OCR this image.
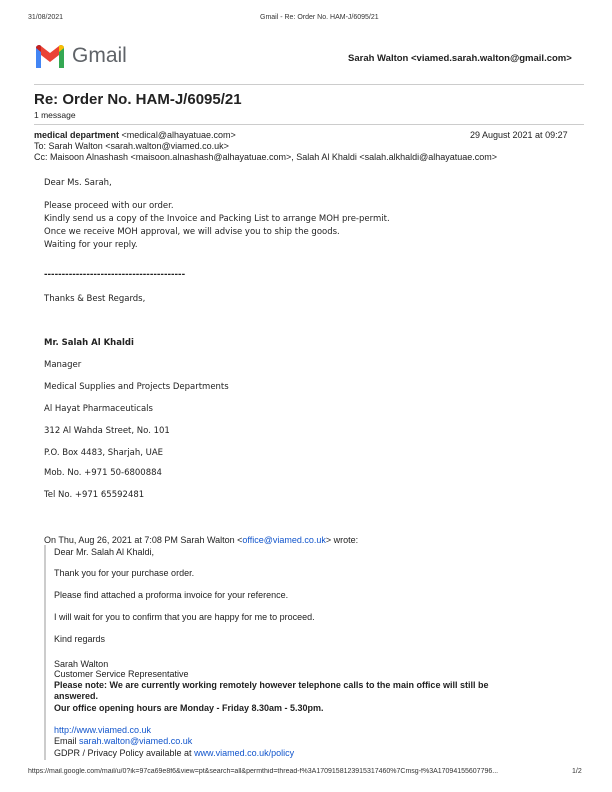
31/08/2021	Gmail - Re: Order No. HAM-J/6095/21
Gmail	Sarah Walton <viamed.sarah.walton@gmail.com>
Re: Order No. HAM-J/6095/21
1 message
medical department <medical@alhayatuae.com>	29 August 2021 at 09:27
To: Sarah Walton <sarah.walton@viamed.co.uk>
Cc: Maisoon Alnashash <maisoon.alnashash@alhayatuae.com>, Salah Al Khaldi <salah.alkhaldi@alhayatuae.com>
Dear Ms. Sarah,
Please proceed with our order.
Kindly send us a copy of the Invoice and Packing List to arrange MOH pre-permit.
Once we receive MOH approval, we will advise you to ship the goods.
Waiting for your reply.
----------------------------------------
Thanks & Best Regards,
Mr. Salah Al Khaldi
Manager
Medical Supplies and Projects Departments
Al Hayat Pharmaceuticals
312 Al Wahda Street, No. 101
P.O. Box 4483, Sharjah, UAE
Mob. No. +971 50-6800884
Tel No. +971 65592481
On Thu, Aug 26, 2021 at 7:08 PM Sarah Walton <office@viamed.co.uk> wrote:
Dear Mr. Salah Al Khaldi,
Thank you for your purchase order.
Please find attached a proforma invoice for your reference.
I will wait for you to confirm that you are happy for me to proceed.
Kind regards
Sarah Walton
Customer Service Representative
Please note: We are currently working remotely however telephone calls to the main office will still be
answered.
Our office opening hours are Monday - Friday 8.30am - 5.30pm.
http://www.viamed.co.uk
Email sarah.walton@viamed.co.uk
GDPR / Privacy Policy available at www.viamed.co.uk/policy
https://mail.google.com/mail/u/0?ik=97ca69e8f6&view=pt&search=all&permthid=thread-f%3A1709158123915317460%7Cmsg-f%3A17094155607796...	1/2
